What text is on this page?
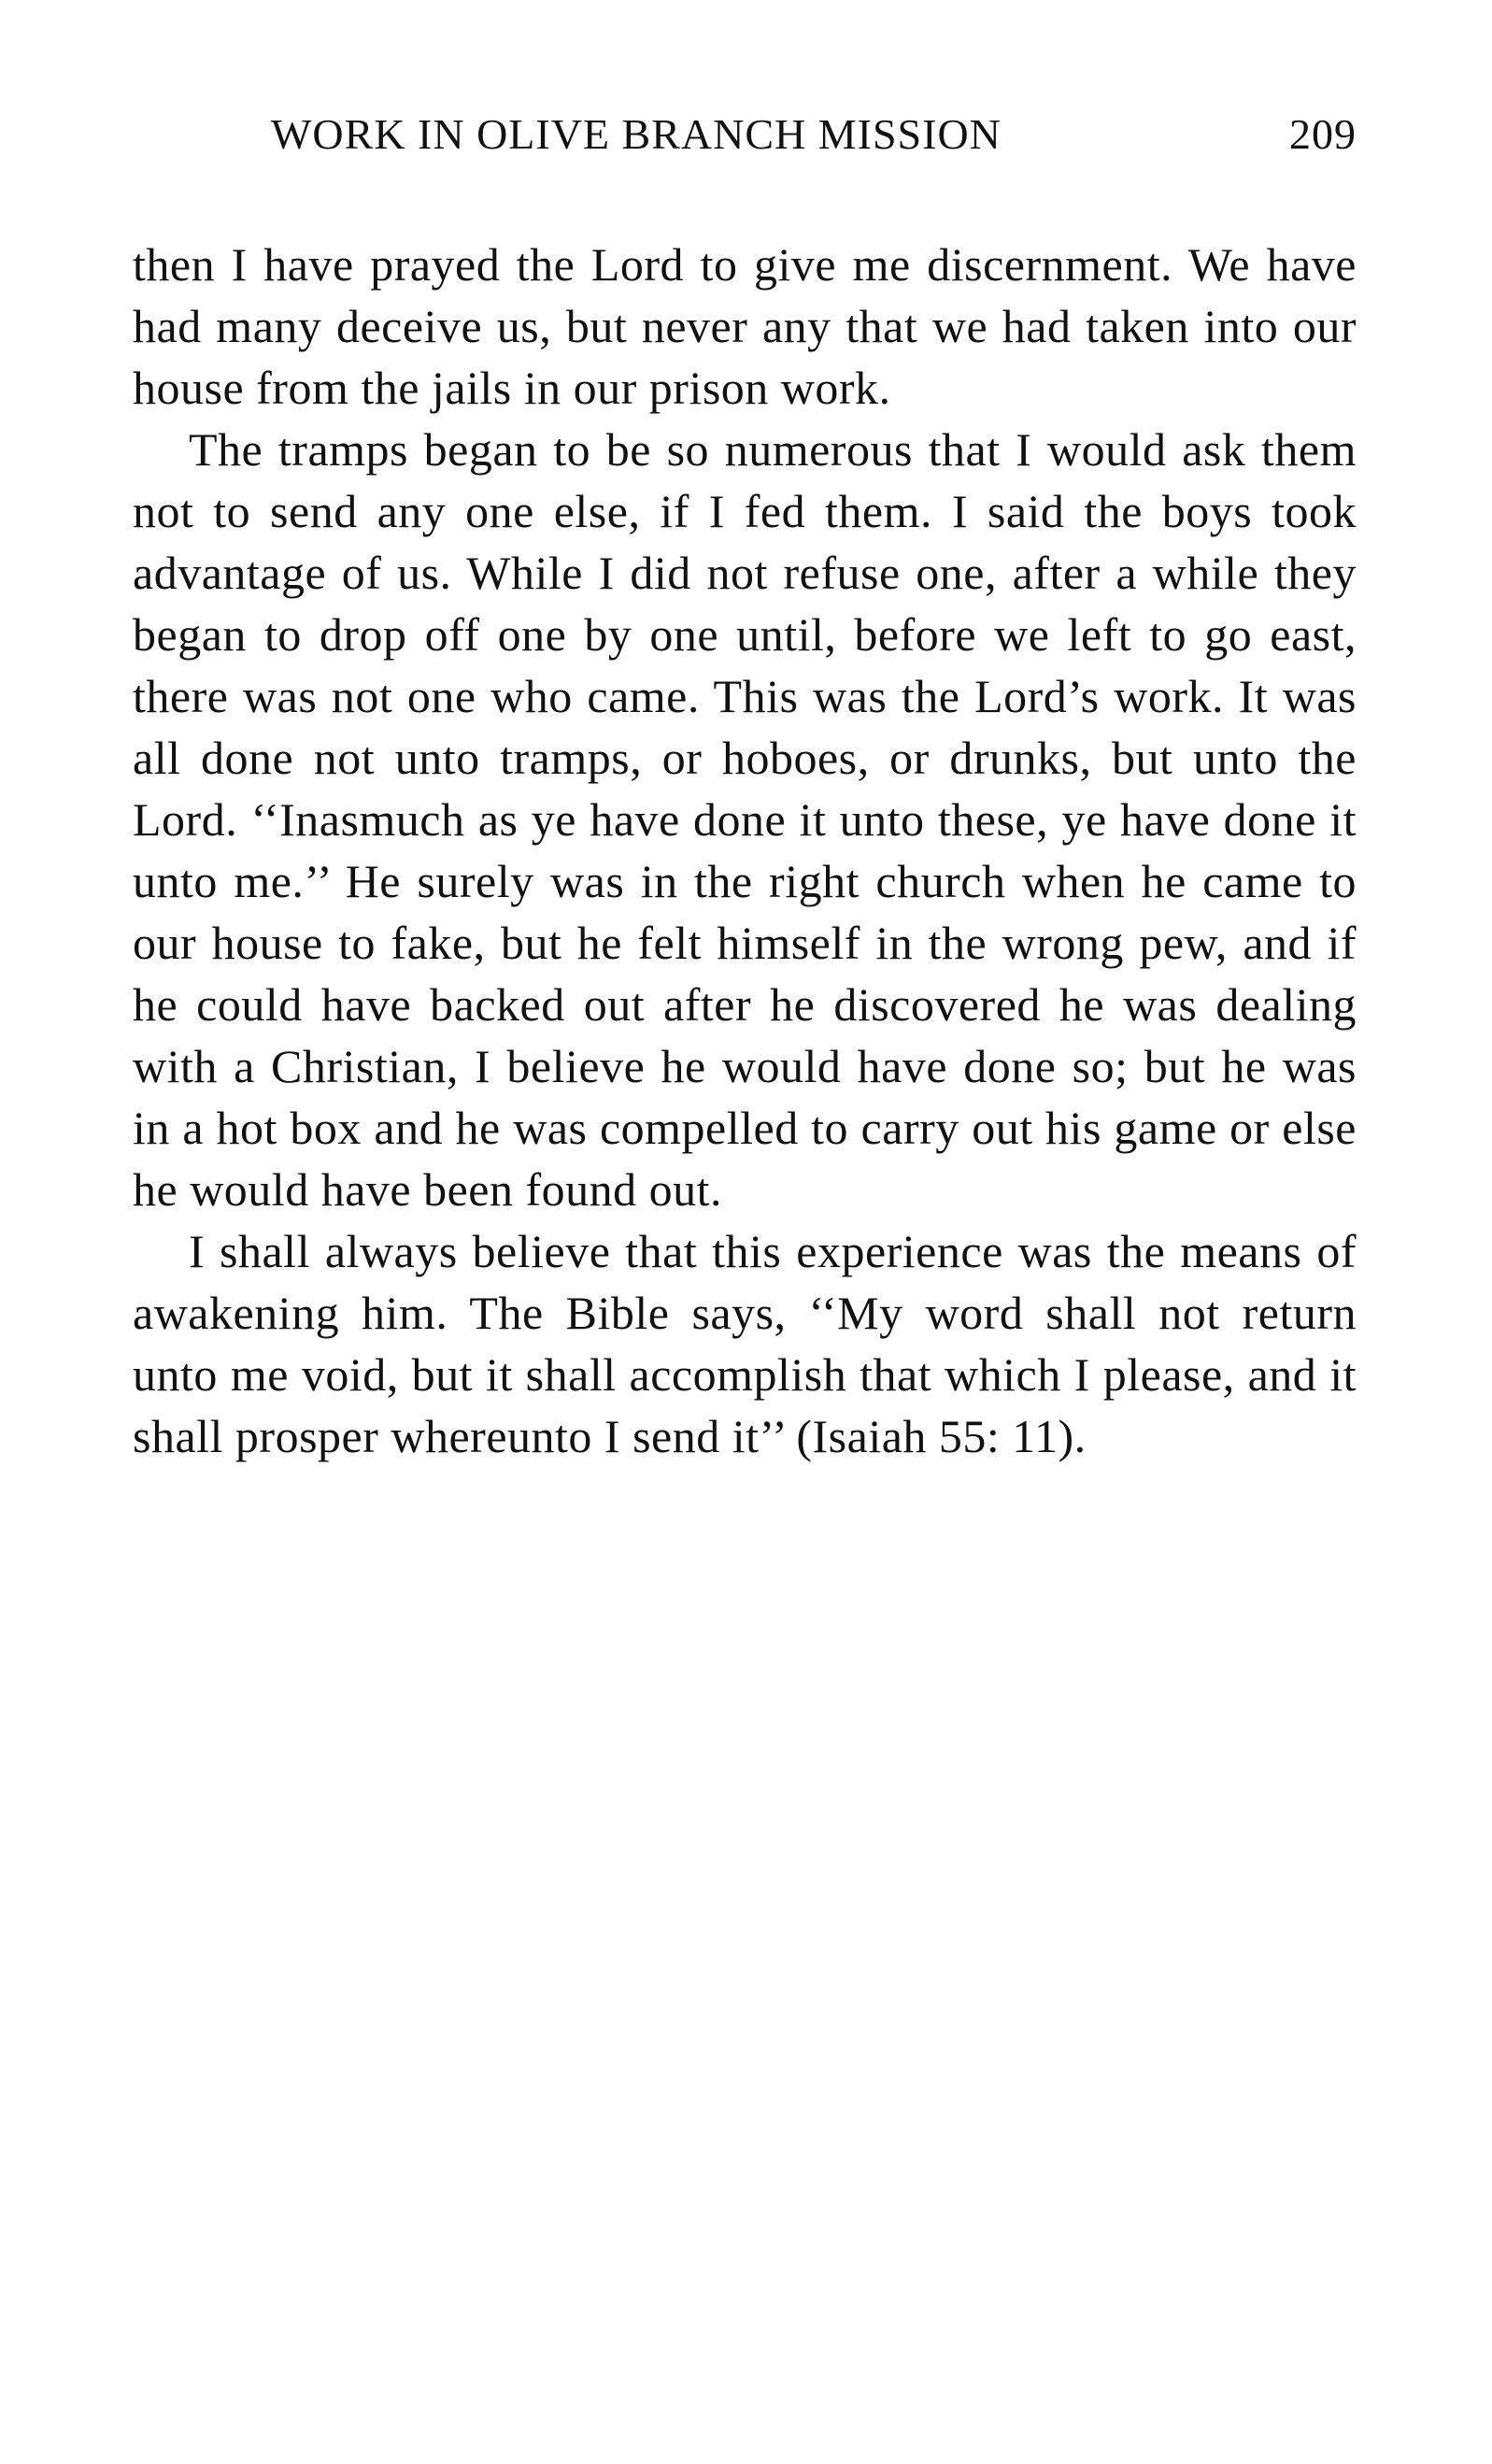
WORK IN OLIVE BRANCH MISSION	209

then I have prayed the Lord to give me discernment. We have had many deceive us, but never any that we had taken into our house from the jails in our prison work.

The tramps began to be so numerous that I would ask them not to send any one else, if I fed them. I said the boys took advantage of us. While I did not refuse one, after a while they began to drop off one by one until, before we left to go east, there was not one who came. This was the Lord’s work. It was all done not unto tramps, or hoboes, or drunks, but unto the Lord. ‘‘Inasmuch as ye have done it unto these, ye have done it unto me.’’ He surely was in the right church when he came to our house to fake, but he felt himself in the wrong pew, and if he could have backed out after he discovered he was dealing with a Christian, I believe he would have done so; but he was in a hot box and he was compelled to carry out his game or else he would have been found out.

I shall always believe that this experience was the means of awakening him. The Bible says, ‘‘My word shall not return unto me void, but it shall accomplish that which I please, and it shall prosper whereunto I send it’’ (Isaiah 55: 11).
